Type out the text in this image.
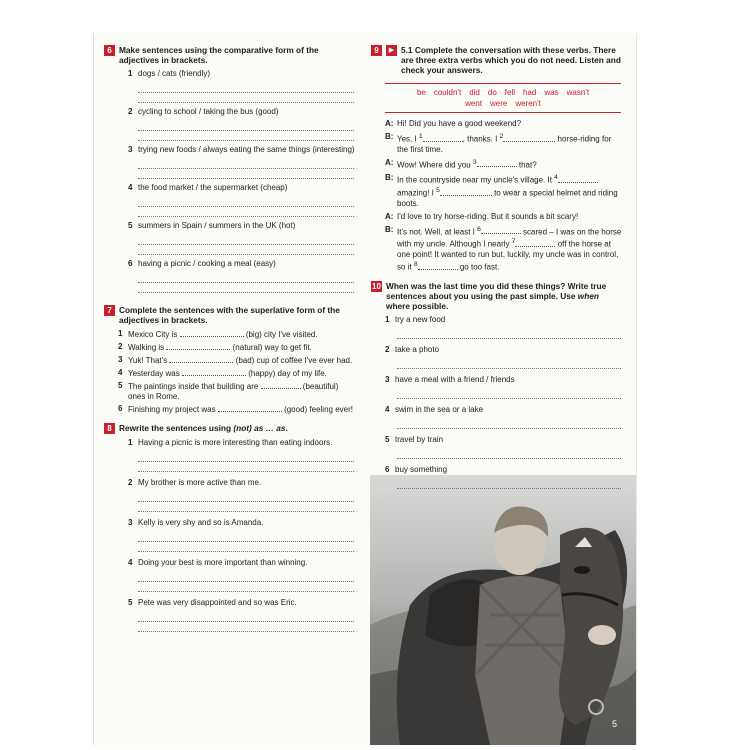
6 Make sentences using the comparative form of the adjectives in brackets.
1 dogs / cats (friendly)
2 cycling to school / taking the bus (good)
3 trying new foods / always eating the same things (interesting)
4 the food market / the supermarket (cheap)
5 summers in Spain / summers in the UK (hot)
6 having a picnic / cooking a meal (easy)
7 Complete the sentences with the superlative form of the adjectives in brackets.
1 Mexico City is	(big) city I've visited.
2 Walking is	(natural) way to get fit.
3 Yuk! That's	(bad) cup of coffee I've ever had.
4 Yesterday was	(happy) day of my life.
5 The paintings inside that building are	(beautiful) ones in Rome.
6 Finishing my project was	(good) feeling ever!
8 Rewrite the sentences using (not) as … as.
1 Having a picnic is more interesting than eating indoors.
2 My brother is more active than me.
3 Kelly is very shy and so is Amanda.
4 Doing your best is more important than winning.
5 Pete was very disappointed and so was Eric.
9	▶ 5.1 Complete the conversation with these verbs. There are three extra verbs which you do not need. Listen and check your answers.
be couldn't did do fell had was wasn't
went were weren't
A: Hi! Did you have a good weekend?
B: Yes, I $^1$	, thanks. I $^2$	horse-riding for the first time.
A: Wow! Where did you $^3$	that?
B: In the countryside near my uncle's village. It $^4$ amazing! I $^5$	to wear a special helmet and riding boots.
A: I'd love to try horse-riding. But it sounds a bit scary!
B: It's not. Well, at least I $^6$	scared – I was on the horse with my uncle. Although I nearly $^7$	off the horse at one point! It wanted to run but, luckily, my uncle was in control, so it $^8$	go too fast.
10 When was the last time you did these things? Write true sentences about you using the past simple. Use when where possible.
1 try a new food
2 take a photo
3 have a meal with a friend / friends
4 swim in the sea or a lake
5 travel by train
6 buy something
5
